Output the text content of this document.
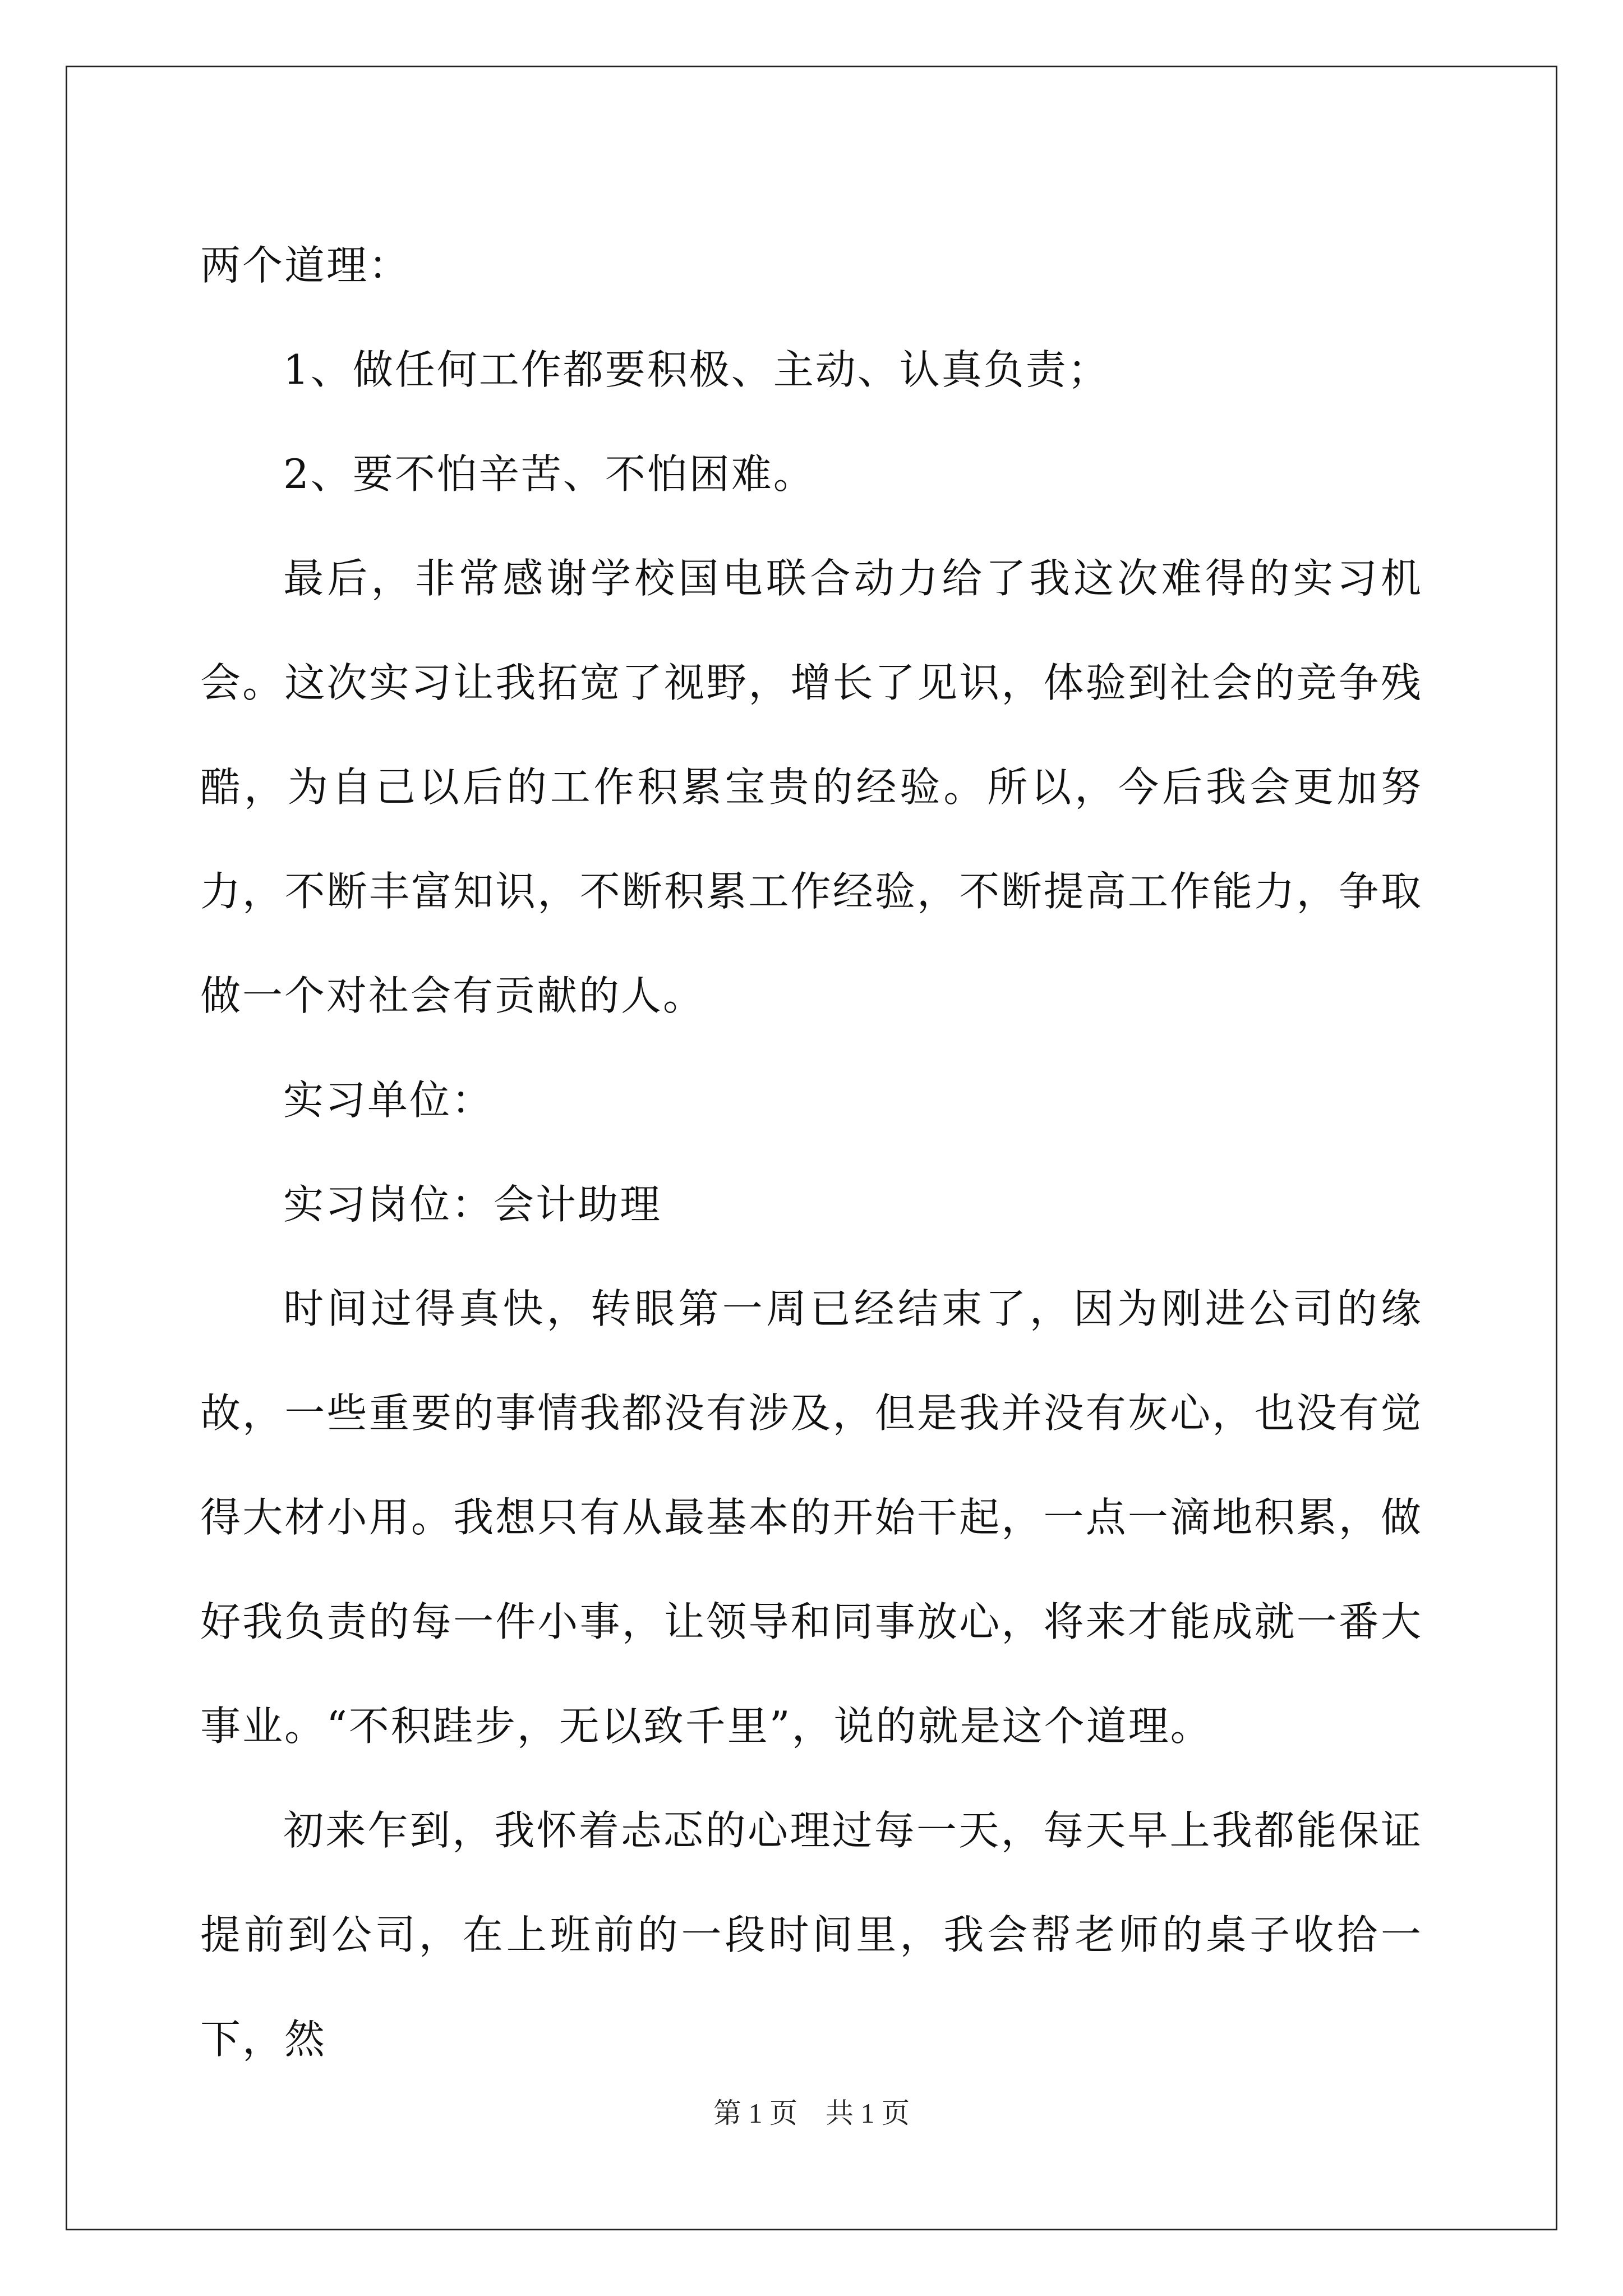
两个道理：

1、做任何工作都要积极、主动、认真负责；

2、要不怕辛苦、不怕困难。

最后，非常感谢学校国电联合动力给了我这次难得的实习机会。这次实习让我拓宽了视野，增长了见识，体验到社会的竞争残酷，为自己以后的工作积累宝贵的经验。所以，今后我会更加努力，不断丰富知识，不断积累工作经验，不断提高工作能力，争取做一个对社会有贡献的人。

实习单位：

实习岗位：会计助理

时间过得真快，转眼第一周已经结束了，因为刚进公司的缘故，一些重要的事情我都没有涉及，但是我并没有灰心，也没有觉得大材小用。我想只有从最基本的开始干起，一点一滴地积累，做好我负责的每一件小事，让领导和同事放心，将来才能成就一番大事业。“不积跬步，无以致千里”，说的就是这个道理。

初来乍到，我怀着忐忑的心理过每一天，每天早上我都能保证提前到公司，在上班前的一段时间里，我会帮老师的桌子收拾一下，然

第 1 页　共 1 页
